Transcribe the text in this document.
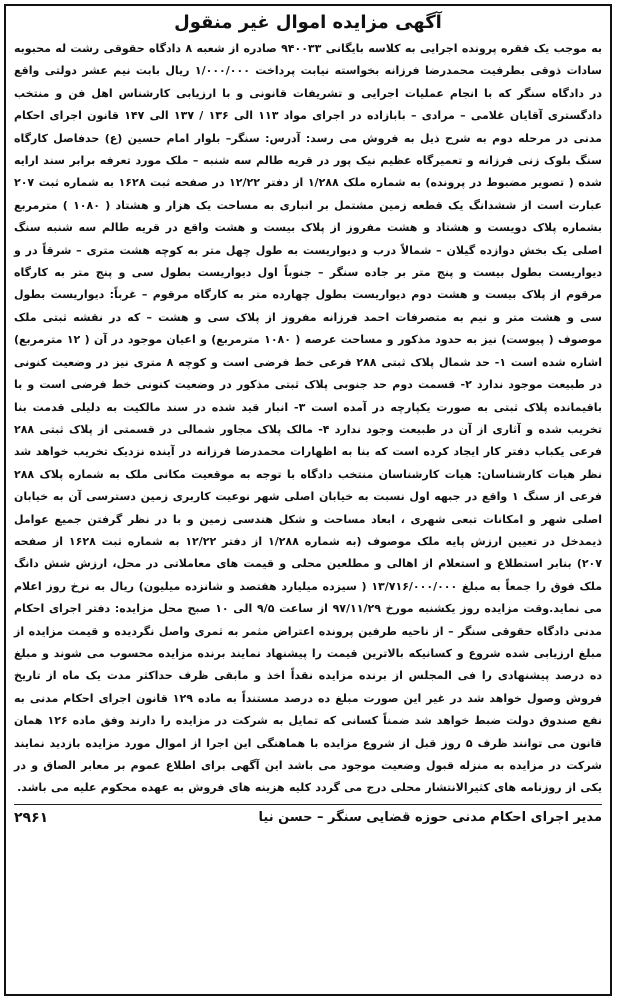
آگهی مزایده اموال غیر منقول

به موجب یک فقره پرونده اجرایی به کلاسه بایگانی ۹۴۰۰۳۳ صادره از شعبه ۸ دادگاه حقوقی رشت له محبوبه سادات ذوقی بطرفیت محمدرضا فرزانه بخواسته نیابت پرداخت ۱/۰۰۰/۰۰۰ ریال بابت نیم عشر دولتی واقع در دادگاه سنگر که با انجام عملیات اجرایی و تشریفات قانونی و با ارزیابی کارشناس اهل فن و منتخب دادگستری آقایان غلامی – مرادی – بابازاده در اجرای مواد ۱۱۳ الی ۱۳۶ / ۱۳۷ الی ۱۴۷ قانون اجرای احکام مدنی در مرحله دوم به شرح ذیل به فروش می رسد: آدرس: سنگر– بلوار امام حسین (ع) حدفاصل کارگاه سنگ بلوک زنی فرزانه و تعمیرگاه عظیم نیک پور در قریه طالم سه شنبه – ملک مورد تعرفه برابر سند ارایه شده ( تصویر مضبوط در پرونده) به شماره ملک ۱/۲۸۸ از دفتر ۱۲/۲۲ در صفحه ثبت ۱۶۲۸ به شماره ثبت ۲۰۷ عبارت است از ششدانگ یک قطعه زمین مشتمل بر انباری به مساحت یک هزار و هشتاد ( ۱۰۸۰ ) مترمربع بشماره پلاک دویست و هشتاد و هشت مفروز از پلاک بیست و هشت واقع در قریه طالم سه شنبه سنگ اصلی یک بخش دوازده گیلان – شمالاً درب و دیواریست به طول چهل متر به کوچه هشت متری – شرقاً در و دیواریست بطول بیست و پنج متر بر جاده سنگر – جنوباً اول دیواریست بطول سی و پنج متر به کارگاه مرقوم از پلاک بیست و هشت دوم دیواریست بطول چهارده متر به کارگاه مرقوم – غرباً: دیواریست بطول سی و هشت متر و نیم به متصرفات احمد فرزانه مفروز از پلاک سی و هشت – که در نقشه ثبتی ملک موصوف ( پیوست) نیز به حدود مذکور و مساحت عرصه ( ۱۰۸۰ مترمربع) و اعیان موجود در آن ( ۱۲ مترمربع) اشاره شده است ۱- حد شمال پلاک ثبتی ۲۸۸ فرعی خط فرضی است و کوچه ۸ متری نیز در وضعیت کنونی در طبیعت موجود ندارد ۲- قسمت دوم حد جنوبی پلاک ثبتی مذکور در وضعیت کنونی خط فرضی است و با باقیمانده پلاک ثبتی به صورت یکپارچه در آمده است ۳- انبار قید شده در سند مالکیت به دلیلی قدمت بنا تخریب شده و آثاری از آن در طبیعت وجود ندارد ۴- مالک پلاک مجاور شمالی در قسمتی از پلاک ثبتی ۲۸۸ فرعی یکباب دفتر کار ایجاد کرده است که بنا به اظهارات محمدرضا فرزانه در آینده نزدیک تخریب خواهد شد نظر هیات کارشناسان: هیات کارشناسان منتخب دادگاه با توجه به موقعیت مکانی ملک به شماره پلاک ۲۸۸ فرعی از سنگ ۱ واقع در جبهه اول نسبت به خیابان اصلی شهر نوعیت کاربری زمین دسترسی آن به خیابان اصلی شهر و امکانات تبعی شهری ، ابعاد مساحت و شکل هندسی زمین و با در نظر گرفتن جمیع عوامل ذیمدخل در تعیین ارزش پایه ملک موصوف (به شماره ۱/۲۸۸ از دفتر ۱۲/۲۲ به شماره ثبت ۱۶۲۸ از صفحه ۲۰۷) بنابر استطلاع و استعلام از اهالی و مطلعین محلی و قیمت های معاملاتی در محل، ارزش شش دانگ ملک فوق را جمعاً به مبلغ ۱۳/۷۱۶/۰۰۰/۰۰۰ ( سیزده میلیارد هفتصد و شانزده میلیون) ریال به نرخ روز اعلام می نماید.وقت مزایده روز یکشنبه مورخ ۹۷/۱۱/۲۹ از ساعت ۹/۵ الی ۱۰ صبح محل مزایده: دفتر اجرای احکام مدنی دادگاه حقوقی سنگر – از ناحیه طرفین پرونده اعتراض مثمر به ثمری واصل نگردیده و قیمت مزایده از مبلغ ارزیابی شده شروع و کسانیکه بالاترین قیمت را پیشنهاد نمایند برنده مزایده محسوب می شوند و مبلغ ده درصد پیشنهادی را فی المجلس از برنده مزایده نقداً اخذ و مابقی ظرف حداکثر مدت یک ماه از تاریخ فروش وصول خواهد شد در غیر این صورت مبلغ ده درصد مستنداً به ماده ۱۲۹ قانون اجرای احکام مدنی به نفع صندوق دولت ضبط خواهد شد ضمناً کسانی که تمایل به شرکت در مزایده را دارند وفق ماده ۱۲۶ همان قانون می توانند ظرف ۵ روز قبل از شروع مزایده با هماهنگی این اجرا از اموال مورد مزایده بازدید نمایند شرکت در مزایده به منزله قبول وضعیت موجود می باشد این آگهی برای اطلاع عموم بر معابر الصاق و در یکی از روزنامه های کثیرالانتشار محلی درج می گردد کلیه هزینه های فروش به عهده محکوم علیه می باشد.

مدیر اجرای احکام مدنی حوزه قضایی سنگر – حسن نیا
۲۹۶۱
